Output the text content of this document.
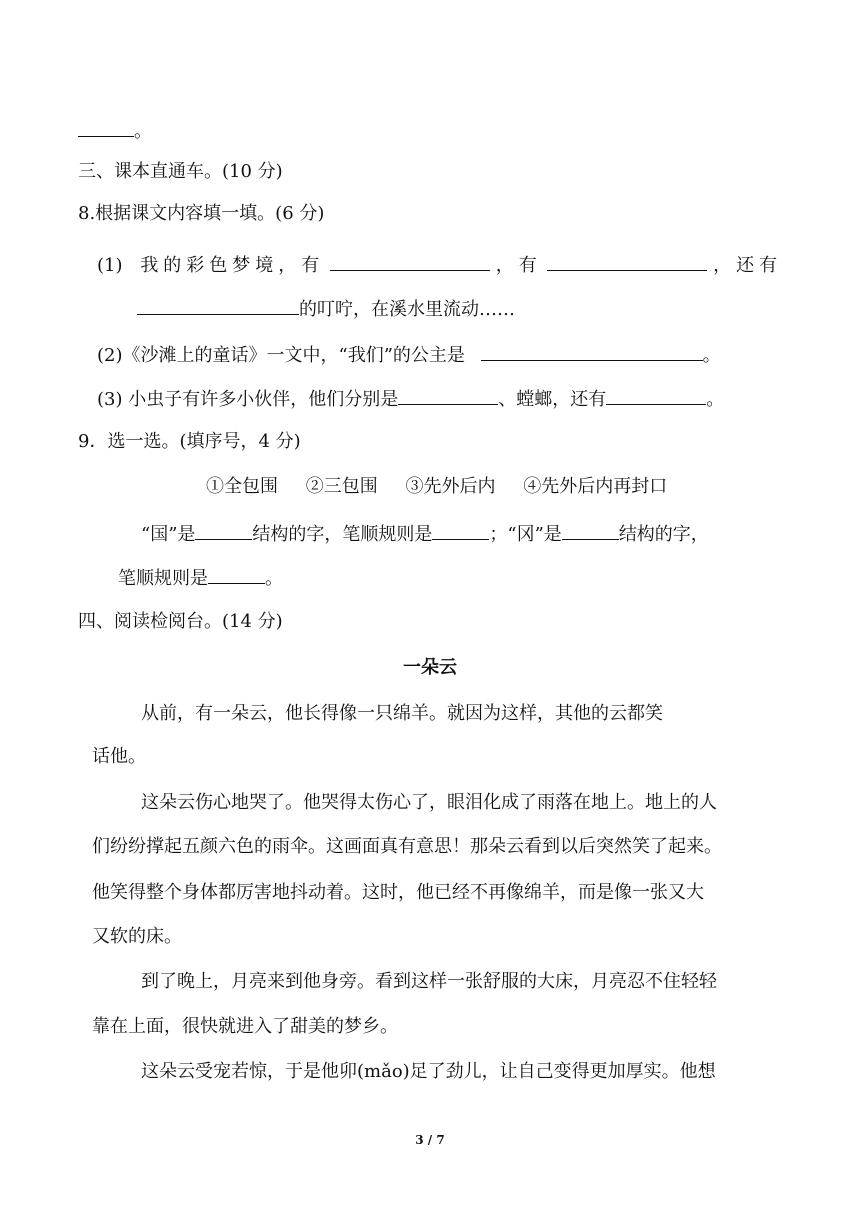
。
三、课本直通车。(10 分)
8.根据课文内容填一填。(6 分)
(1) 我的彩色梦境，有	，有	，还有
的叮咛，在溪水里流动……
(2)《沙滩上的童话》一文中，“我们”的公主是	。
(3) 小虫子有许多小伙伴，他们分别是	、螳螂，还有	。
9．选一选。(填序号，4 分)
①全包围 ②三包围 ③先外后内 ④先外后内再封口
“国”是	结构的字，笔顺规则是	；“冈”是	结构的字，
笔顺规则是	。
四、阅读检阅台。(14 分)
一朵云
从前，有一朵云，他长得像一只绵羊。就因为这样，其他的云都笑
话他。
这朵云伤心地哭了。他哭得太伤心了，眼泪化成了雨落在地上。地上的人
们纷纷撑起五颜六色的雨伞。这画面真有意思！那朵云看到以后突然笑了起来。
他笑得整个身体都厉害地抖动着。这时，他已经不再像绵羊，而是像一张又大
又软的床。
到了晚上，月亮来到他身旁。看到这样一张舒服的大床，月亮忍不住轻轻
靠在上面，很快就进入了甜美的梦乡。
这朵云受宠若惊，于是他卯(mǎo)足了劲儿，让自己变得更加厚实。他想
3 / 7
